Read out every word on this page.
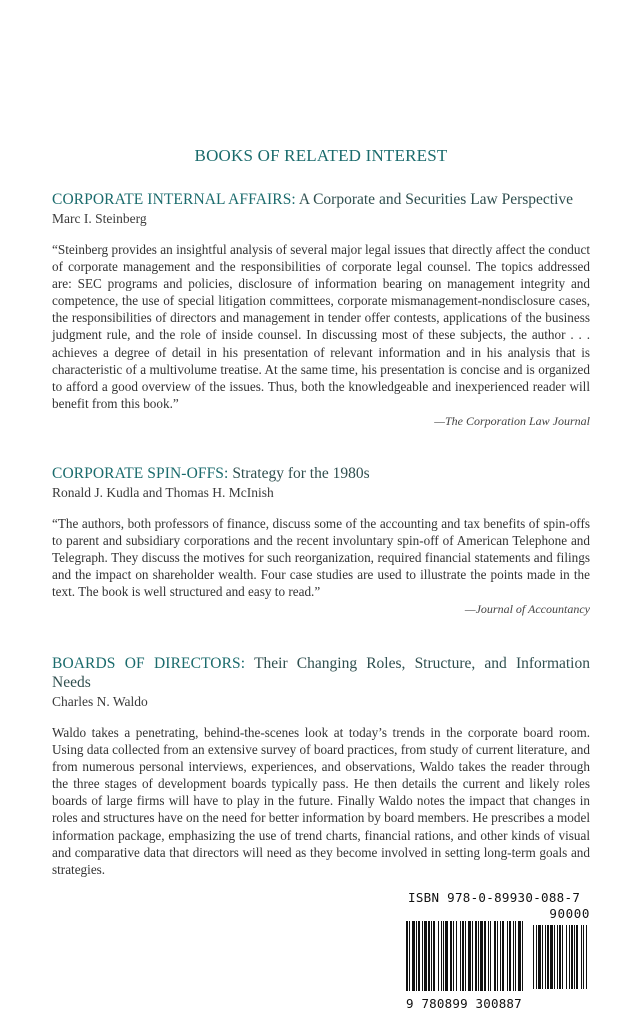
BOOKS OF RELATED INTEREST
CORPORATE INTERNAL AFFAIRS: A Corporate and Securities Law Perspective
Marc I. Steinberg
“Steinberg provides an insightful analysis of several major legal issues that directly affect the conduct of corporate management and the responsibilities of corporate legal counsel. The topics addressed are: SEC programs and policies, disclosure of information bearing on management integrity and competence, the use of special litigation committees, corporate mismanagement-nondisclosure cases, the responsibilities of directors and management in tender offer contests, applications of the business judgment rule, and the role of inside counsel. In discussing most of these subjects, the author . . . achieves a degree of detail in his presentation of relevant information and in his analysis that is characteristic of a multivolume treatise. At the same time, his presentation is concise and is organized to afford a good overview of the issues. Thus, both the knowledgeable and inexperienced reader will benefit from this book.”
—The Corporation Law Journal
CORPORATE SPIN-OFFS: Strategy for the 1980s
Ronald J. Kudla and Thomas H. McInish
“The authors, both professors of finance, discuss some of the accounting and tax benefits of spin-offs to parent and subsidiary corporations and the recent involuntary spin-off of American Telephone and Telegraph. They discuss the motives for such reorganization, required financial statements and filings and the impact on shareholder wealth. Four case studies are used to illustrate the points made in the text. The book is well structured and easy to read.”
—Journal of Accountancy
BOARDS OF DIRECTORS: Their Changing Roles, Structure, and Information Needs
Charles N. Waldo
Waldo takes a penetrating, behind-the-scenes look at today’s trends in the corporate board room. Using data collected from an extensive survey of board practices, from study of current literature, and from numerous personal interviews, experiences, and observations, Waldo takes the reader through the three stages of development boards typically pass. He then details the current and likely roles boards of large firms will have to play in the future. Finally Waldo notes the impact that changes in roles and structures have on the need for better information by board members. He prescribes a model information package, emphasizing the use of trend charts, financial rations, and other kinds of visual and comparative data that directors will need as they become involved in setting long-term goals and strategies.
ISBN 978-0-89930-088-7
90000
9 780899 300887
